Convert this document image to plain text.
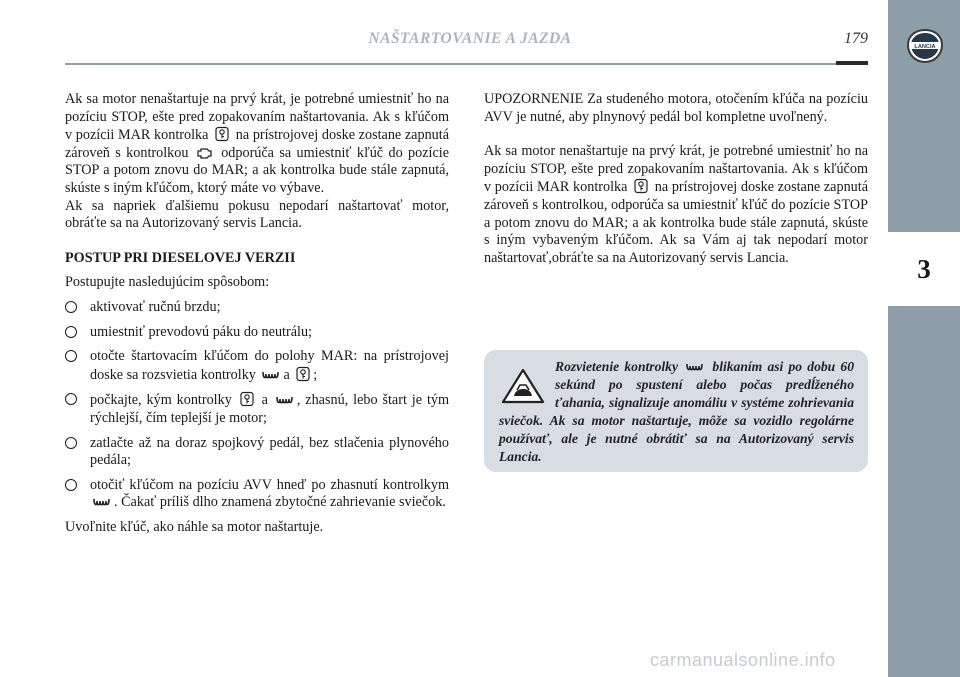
3
LANCIA
NAŠTARTOVANIE A JAZDA	179

Ak sa motor nenaštartuje na prvý krát, je potrebné umiestniť ho na pozíciu STOP, ešte pred zopakovaním naštartovania. Ak s kľúčom v pozícii MAR kontrolka na prístrojovej doske zostane zapnutá zároveň s kontrolkou odporúča sa umiestniť kľúč do pozície STOP a potom znovu do MAR; a ak kontrolka bude stále zapnutá, skúste s iným kľúčom, ktorý máte vo výbave.

Ak sa napriek ďalšiemu pokusu nepodarí naštartovať motor, obráťte sa na Autorizovaný servis Lancia.

POSTUP PRI DIESELOVEJ VERZII

Postupujte nasledujúcim spôsobom:

aktivovať ručnú brzdu;
umiestniť prevodovú páku do neutrálu;
otočte štartovacím kľúčom do polohy MAR: na prístrojovej doske sa rozsvietia kontrolky a ;
počkajte, kým kontrolky a , zhasnú, lebo štart je tým rýchlejší, čím teplejší je motor;
zatlačte až na doraz spojkový pedál, bez stlačenia plynového pedála;
otočiť kľúčom na pozíciu AVV hneď po zhasnutí kontrolkym
. Čakať príliš dlho znamená zbytočné zahrievanie sviečok.

Uvoľnite kľúč, ako náhle sa motor naštartuje.

UPOZORNENIE Za studeného motora, otočením kľúča na pozíciu AVV je nutné, aby plnynový pedál bol kompletne uvoľnený.

Ak sa motor nenaštartuje na prvý krát, je potrebné umiestniť ho na pozíciu STOP, ešte pred zopakovaním naštartovania. Ak s kľúčom v pozícii MAR kontrolka na prístrojovej doske zostane zapnutá zároveň s kontrolkou, odporúča sa umiestniť kľúč do pozície STOP a potom znovu do MAR; a ak kontrolka bude stále zapnutá, skúste s iným vybaveným kľúčom. Ak sa Vám aj tak nepodarí motor naštartovať,obráťte sa na Autorizovaný servis Lancia.

Rozvietenie kontrolky	blikaním asi po dobu 60 sekúnd po spustení alebo počas predĺženého ťahania, signalizuje anomáliu v systéme zohrievania sviečok. Ak sa motor naštartuje, môže sa vozidlo regolárne používať, ale je nutné obrátiť sa na Autorizovaný servis Lancia.
carmanualsonline.info
